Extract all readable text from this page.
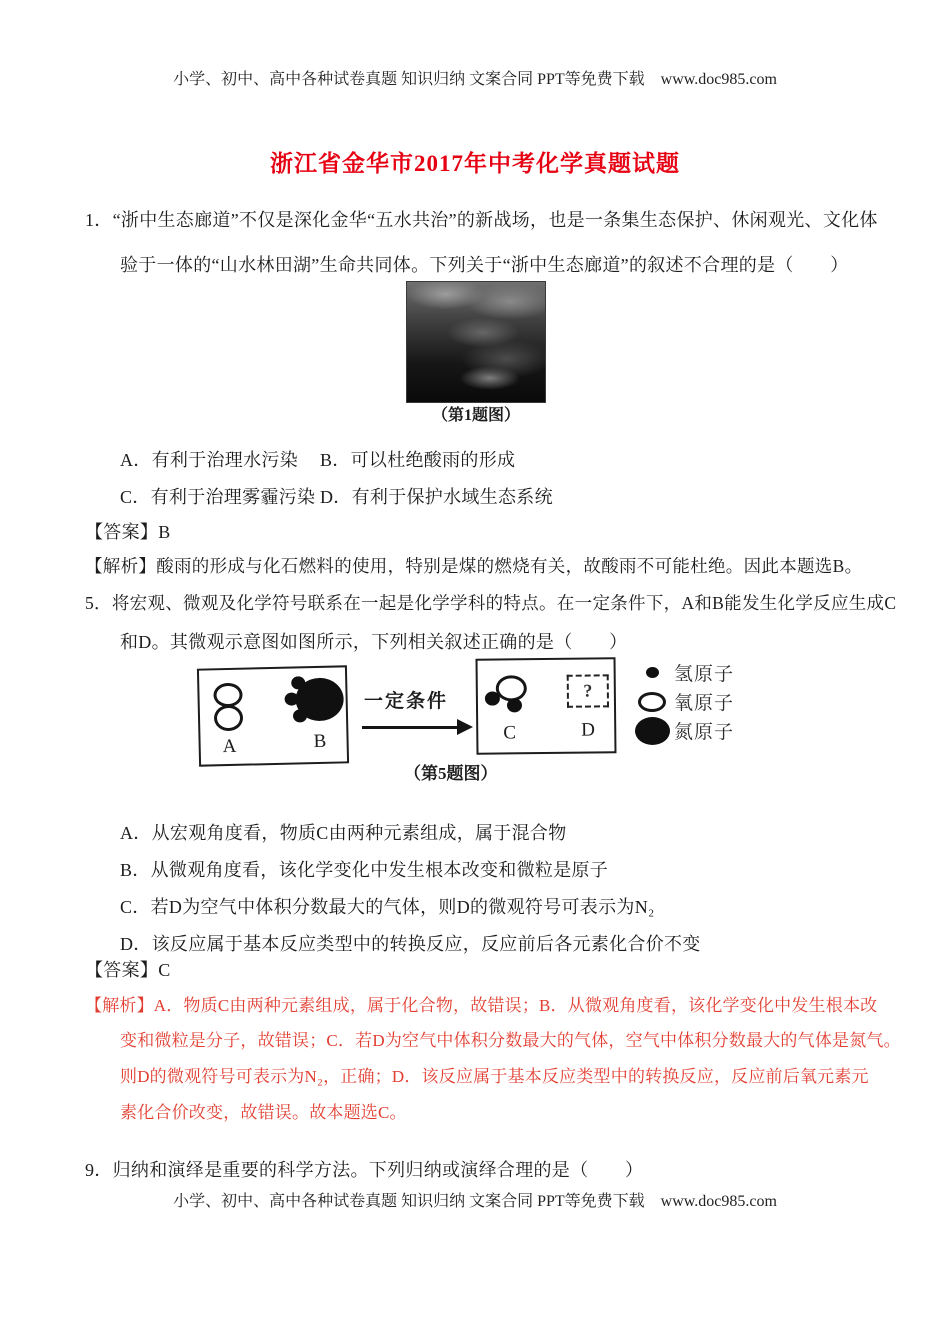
小学、初中、高中各种试卷真题 知识归纳 文案合同 PPT等免费下载　www.doc985.com
浙江省金华市2017年中考化学真题试题
1．“浙中生态廊道”不仅是深化金华“五水共治”的新战场，也是一条集生态保护、休闲观光、文化体
验于一体的“山水林田湖”生命共同体。下列关于“浙中生态廊道”的叙述不合理的是（　　）
（第1题图）
A．有利于治理水污染 B．可以杜绝酸雨的形成
C．有利于治理雾霾污染 D．有利于保护水域生态系统
【答案】B
【解析】酸雨的形成与化石燃料的使用，特别是煤的燃烧有关，故酸雨不可能杜绝。因此本题选B。
5．将宏观、微观及化学符号联系在一起是化学学科的特点。在一定条件下，A和B能发生化学反应生成C
和D。其微观示意图如图所示，下列相关叙述正确的是（　　）
A	B
一定条件
C
?
D
氢原子
氧原子
氮原子
（第5题图）
A．从宏观角度看，物质C由两种元素组成，属于混合物
B．从微观角度看，该化学变化中发生根本改变和微粒是原子
C．若D为空气中体积分数最大的气体，则D的微观符号可表示为N₂
D．该反应属于基本反应类型中的转换反应，反应前后各元素化合价不变
【答案】C
【解析】A．物质C由两种元素组成，属于化合物，故错误；B．从微观角度看，该化学变化中发生根本改
变和微粒是分子，故错误；C．若D为空气中体积分数最大的气体，空气中体积分数最大的气体是氮气。
则D的微观符号可表示为N₂，正确；D．该反应属于基本反应类型中的转换反应，反应前后氧元素元
素化合价改变，故错误。故本题选C。
9．归纳和演绎是重要的科学方法。下列归纳或演绎合理的是（　　）
小学、初中、高中各种试卷真题 知识归纳 文案合同 PPT等免费下载　www.doc985.com
